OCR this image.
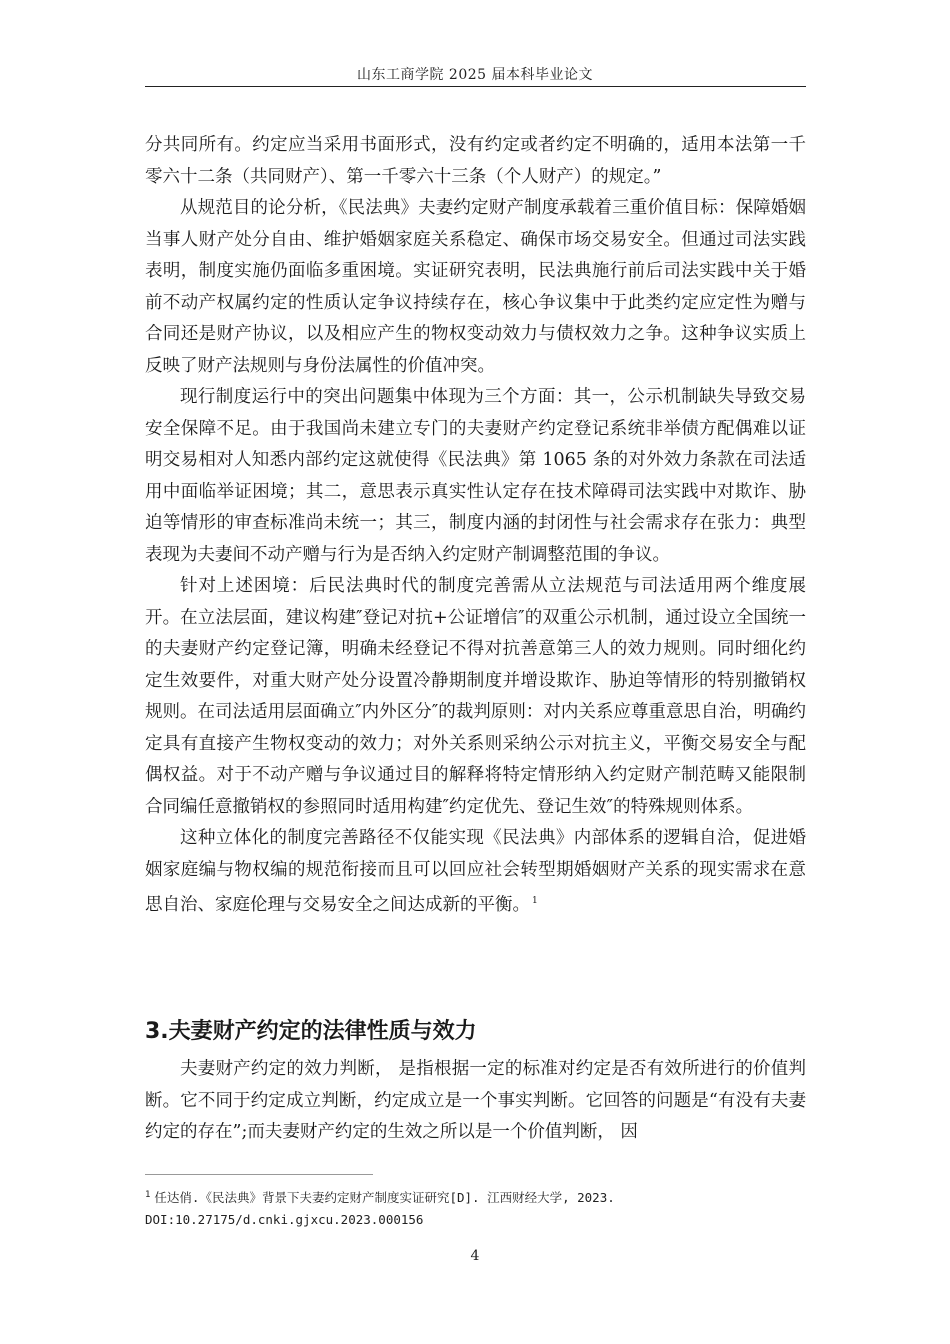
山东工商学院 2025 届本科毕业论文

分共同所有。约定应当采用书面形式，没有约定或者约定不明确的，适用本法第一千零六十二条（共同财产）、第一千零六十三条（个人财产）的规定。”

从规范目的论分析，《民法典》夫妻约定财产制度承载着三重价值目标：保障婚姻当事人财产处分自由、维护婚姻家庭关系稳定、确保市场交易安全。但通过司法实践表明，制度实施仍面临多重困境。实证研究表明，民法典施行前后司法实践中关于婚前不动产权属约定的性质认定争议持续存在，核心争议集中于此类约定应定性为赠与合同还是财产协议，以及相应产生的物权变动效力与债权效力之争。这种争议实质上反映了财产法规则与身份法属性的价值冲突。

现行制度运行中的突出问题集中体现为三个方面：其一，公示机制缺失导致交易安全保障不足。由于我国尚未建立专门的夫妻财产约定登记系统非举债方配偶难以证明交易相对人知悉内部约定这就使得《民法典》第 1065 条的对外效力条款在司法适用中面临举证困境；其二，意思表示真实性认定存在技术障碍司法实践中对欺诈、胁迫等情形的审查标准尚未统一；其三，制度内涵的封闭性与社会需求存在张力：典型表现为夫妻间不动产赠与行为是否纳入约定财产制调整范围的争议。

针对上述困境：后民法典时代的制度完善需从立法规范与司法适用两个维度展开。在立法层面，建议构建″登记对抗+公证增信″的双重公示机制，通过设立全国统一的夫妻财产约定登记簿，明确未经登记不得对抗善意第三人的效力规则。同时细化约定生效要件，对重大财产处分设置冷静期制度并增设欺诈、胁迫等情形的特别撤销权规则。在司法适用层面确立″内外区分″的裁判原则：对内关系应尊重意思自治，明确约定具有直接产生物权变动的效力；对外关系则采纳公示对抗主义，平衡交易安全与配偶权益。对于不动产赠与争议通过目的解释将特定情形纳入约定财产制范畴又能限制合同编任意撤销权的参照同时适用构建″约定优先、登记生效″的特殊规则体系。

这种立体化的制度完善路径不仅能实现《民法典》内部体系的逻辑自洽，促进婚姻家庭编与物权编的规范衔接而且可以回应社会转型期婚姻财产关系的现实需求在意思自治、家庭伦理与交易安全之间达成新的平衡。 $^1$

3.夫妻财产约定的法律性质与效力

夫妻财产约定的效力判断， 是指根据一定的标准对约定是否有效所进行的价值判断。它不同于约定成立判断，约定成立是一个事实判断。它回答的问题是“有没有夫妻约定的存在”;而夫妻财产约定的生效之所以是一个价值判断， 因

$^1$ 任达俏.《民法典》背景下夫妻约定财产制度实证研究[D]. 江西财经大学, 2023.
DOI:10.27175/d.cnki.gjxcu.2023.000156
4
